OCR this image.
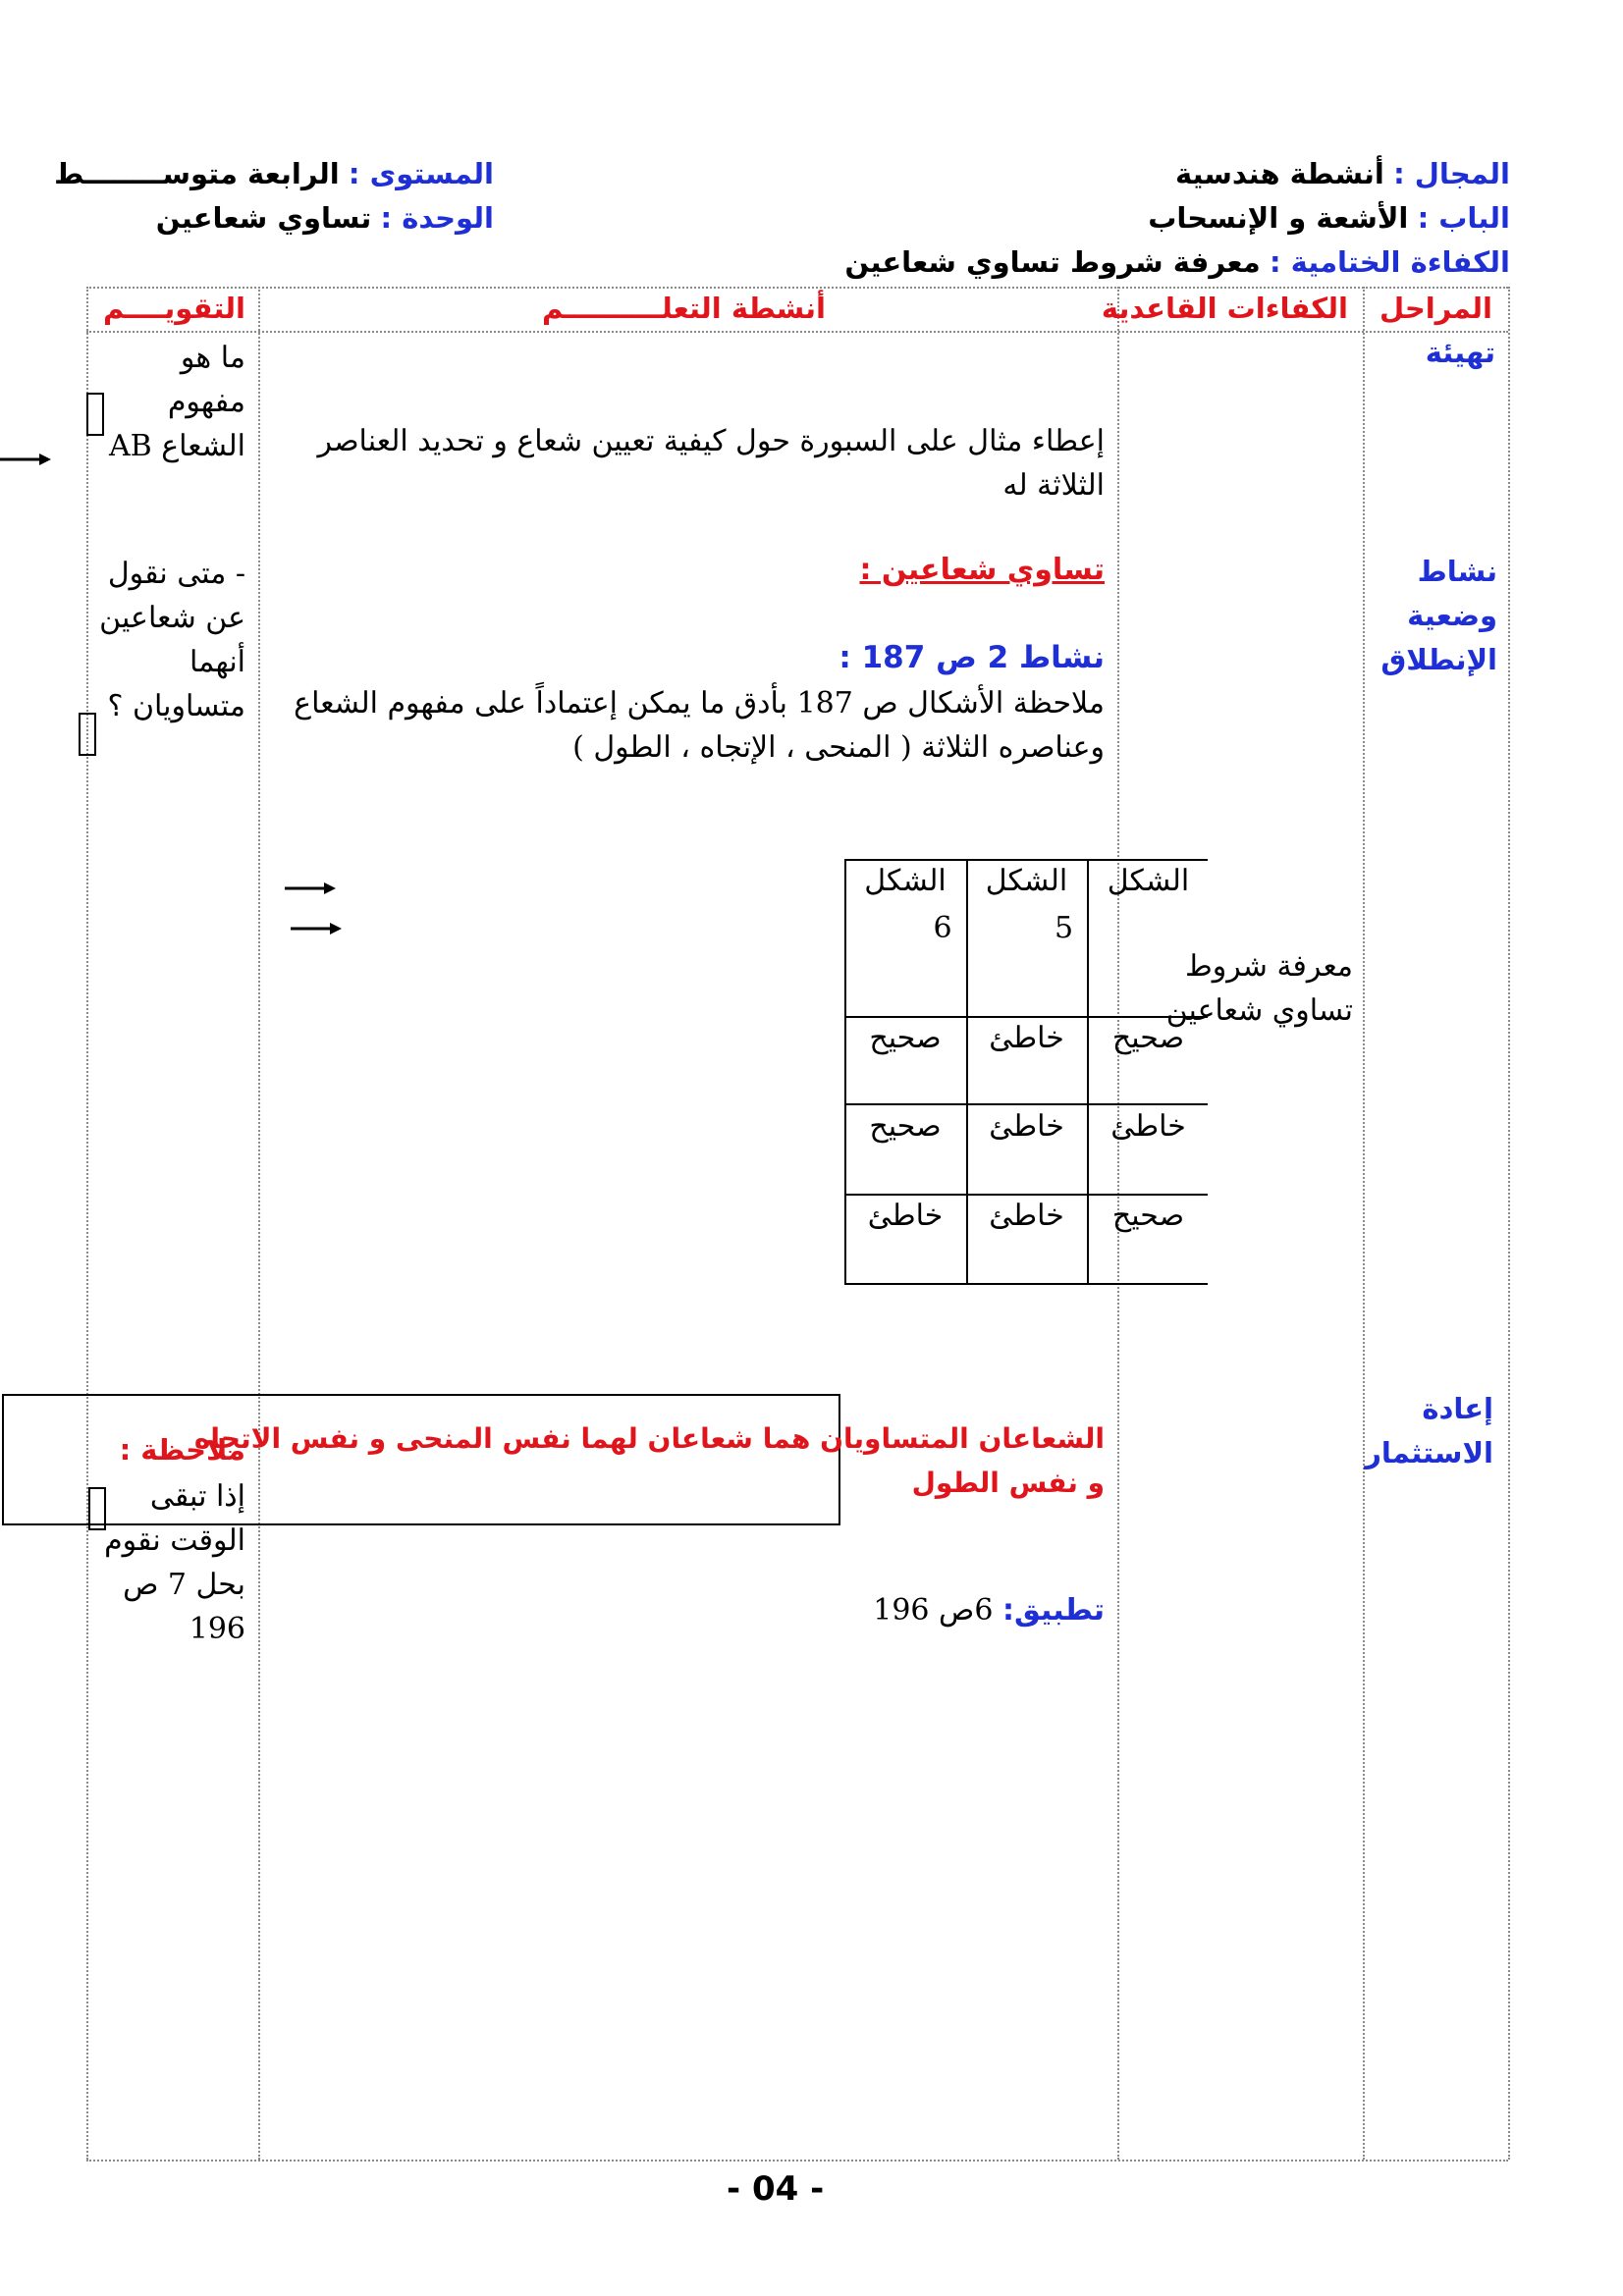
المجال : أنشطة هندسية
الباب : الأشعة و الإنسحاب
الكفاءة الختامية : معرفة شروط تساوي شعاعين
المستوى : الرابعة متوســــــــط
الوحدة : تساوي شعاعين
المراحل
الكفاءات القاعدية
أنشطة التعلــــــــــم
التقويــــم
تهيئة
نشاط
وضعية
الإنطلاق
إعادة
الاستثمار
معرفة شروط
تساوي شعاعين
إعطاء مثال على السبورة حول كيفية تعيين شعاع و تحديد العناصر
الثلاثة له
تساوي شعاعين :
نشاط 2 ص 187 :
ملاحظة الأشكال ص 187 بأدق ما يمكن إعتماداً على مفهوم الشعاع
وعناصره الثلاثة ( المنحى ، الإتجاه ، الطول )
الشكل
الشكل
5
الشكل
6
صحيح
خاطئ
صحيح
خاطئ
خاطئ
صحيح
صحيح
خاطئ
خاطئ
الشعاعان المتساويان هما شعاعان لهما نفس المنحى و نفس الاتجاه
و نفس الطول
تطبيق: 6ص 196
ما هو
مفهوم
الشعاع AB
- متى نقول
عن شعاعين
أنهما
متساويان ؟
ملاحظة :
إذا تبقى
الوقت نقوم
بحل 7 ص
196
- 04 -
